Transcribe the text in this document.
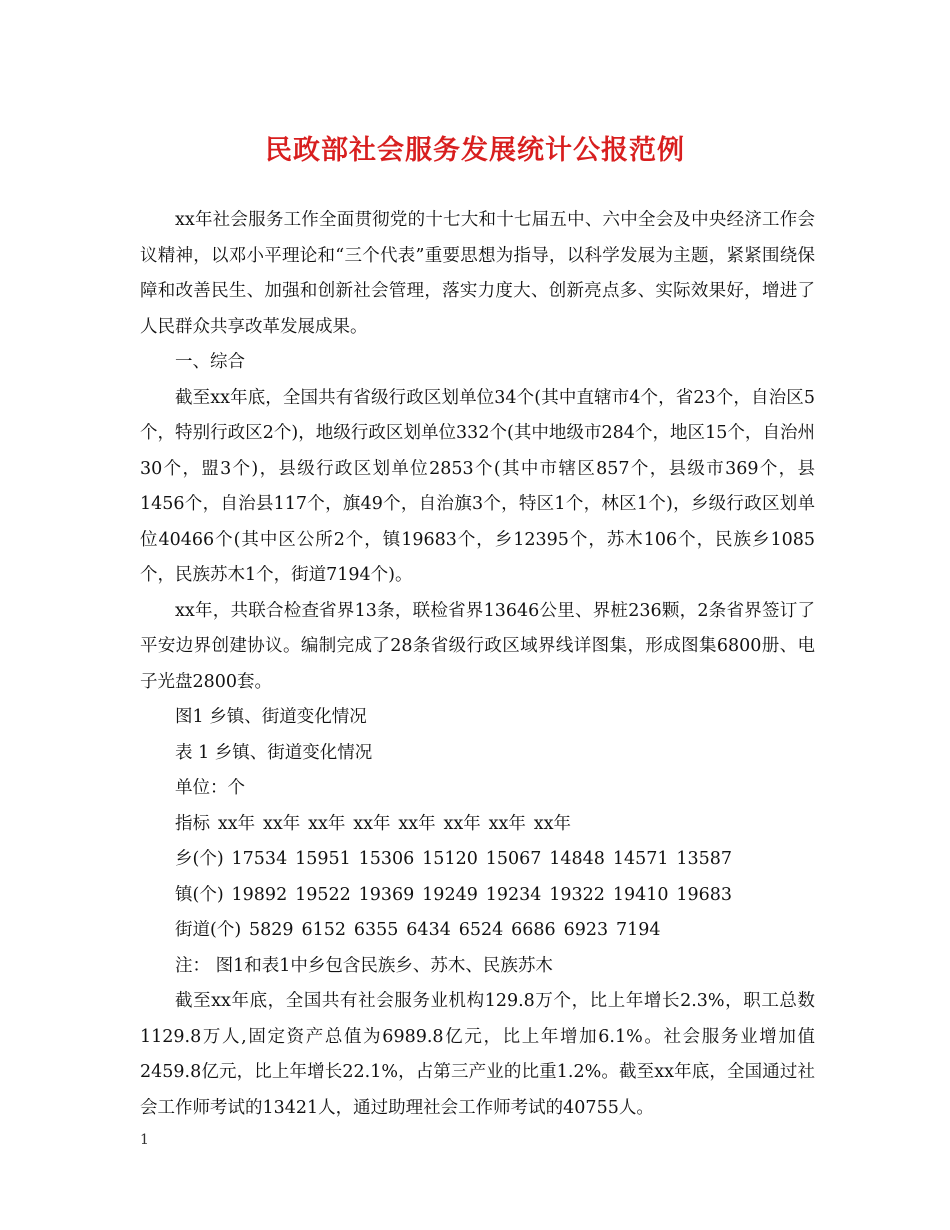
民政部社会服务发展统计公报范例

xx年社会服务工作全面贯彻党的十七大和十七届五中、六中全会及中央经济工作会议精神，以邓小平理论和“三个代表”重要思想为指导，以科学发展为主题，紧紧围绕保障和改善民生、加强和创新社会管理，落实力度大、创新亮点多、实际效果好，增进了人民群众共享改革发展成果。

一、综合

截至xx年底，全国共有省级行政区划单位34个(其中直辖市4个，省23个，自治区5个，特别行政区2个)，地级行政区划单位332个(其中地级市284个，地区15个，自治州30个，盟3个)，县级行政区划单位2853个(其中市辖区857个，县级市369个，县1456个，自治县117个，旗49个，自治旗3个，特区1个，林区1个)，乡级行政区划单位40466个(其中区公所2个，镇19683个，乡12395个，苏木106个，民族乡1085个，民族苏木1个，街道7194个)。

xx年，共联合检查省界13条，联检省界13646公里、界桩236颗，2条省界签订了平安边界创建协议。编制完成了28条省级行政区域界线详图集，形成图集6800册、电子光盘2800套。

图1 乡镇、街道变化情况

表 1 乡镇、街道变化情况

单位：个

指标 xx年 xx年 xx年 xx年 xx年 xx年 xx年 xx年

乡(个) 17534 15951 15306 15120 15067 14848 14571 13587

镇(个) 19892 19522 19369 19249 19234 19322 19410 19683

街道(个) 5829 6152 6355 6434 6524 6686 6923 7194

注： 图1和表1中乡包含民族乡、苏木、民族苏木

截至xx年底，全国共有社会服务业机构129.8万个，比上年增长2.3%，职工总数1129.8万人,固定资产总值为6989.8亿元，比上年增加6.1%。社会服务业增加值2459.8亿元，比上年增长22.1%，占第三产业的比重1.2%。截至xx年底，全国通过社会工作师考试的13421人，通过助理社会工作师考试的40755人。

1
